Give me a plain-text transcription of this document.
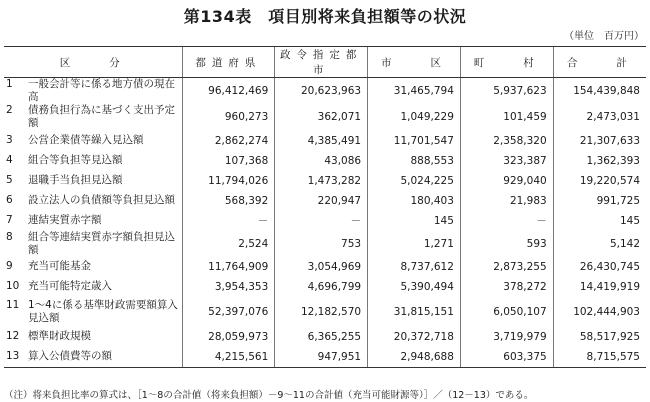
第134表　項目別将来負担額等の状況
（単位　百万円）
区　　分	都道府県	政令指定都市	市　　区	町　　村	合　　計
1 一般会計等に係る地方債の現在高	96,412,469	20,623,963	31,465,794	5,937,623	154,439,848
2 債務負担行為に基づく支出予定額	960,273	362,071	1,049,229	101,459	2,473,031
3 公営企業債等繰入見込額	2,862,274	4,385,491	11,701,547	2,358,320	21,307,633
4 組合等負担等見込額	107,368	43,086	888,553	323,387	1,362,393
5 退職手当負担見込額	11,794,026	1,473,282	5,024,225	929,040	19,220,574
6 設立法人の負債額等負担見込額	568,392	220,947	180,403	21,983	991,725
7 連結実質赤字額	－	－	145	－	145
8 組合等連結実質赤字額負担見込額	2,524	753	1,271	593	5,142
9 充当可能基金	11,764,909	3,054,969	8,737,612	2,873,255	26,430,745
10 充当可能特定歳入	3,954,353	4,696,799	5,390,494	378,272	14,419,919
11 1～4に係る基準財政需要額算入見込額	52,397,076	12,182,570	31,815,151	6,050,107	102,444,903
12 標準財政規模	28,059,973	6,365,255	20,372,718	3,719,979	58,517,925
13 算入公債費等の額	4,215,561	947,951	2,948,688	603,375	8,715,575
（注）将来負担比率の算式は、［1～8の合計値（将来負担額）－9～11の合計値（充当可能財源等）］／（12－13）である。
